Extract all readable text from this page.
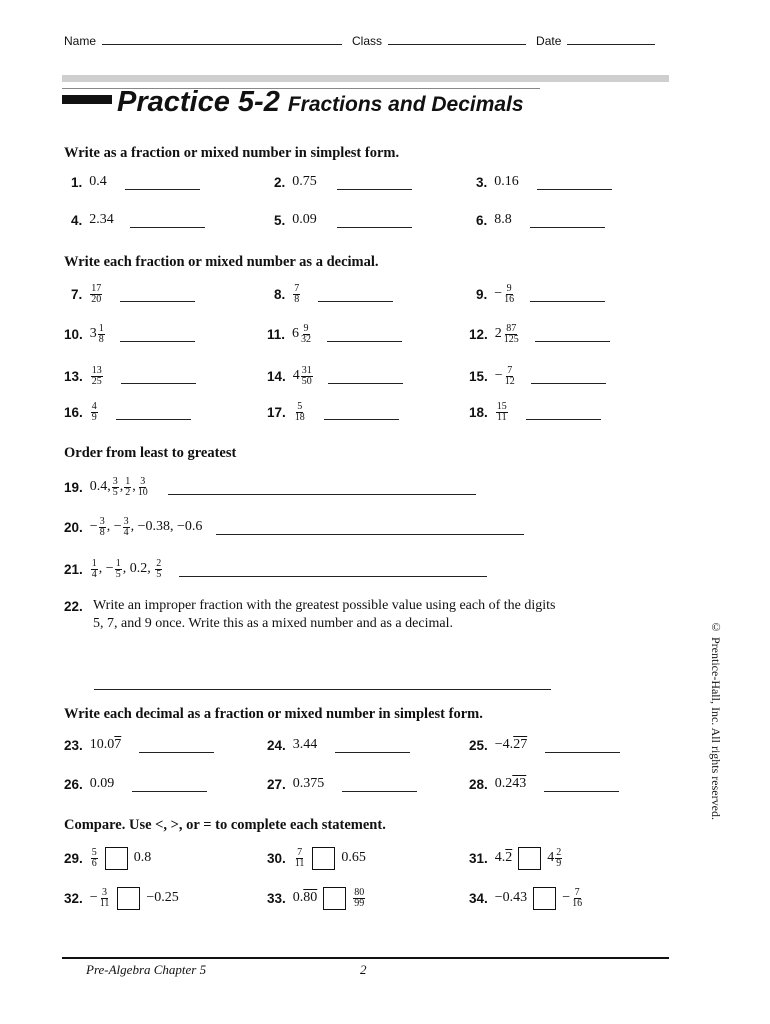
Name	Class	Date
Practice 5-2 Fractions and Decimals
Write as a fraction or mixed number in simplest form.
1. 0.4	2. 0.75	3. 0.16
4. 2.34	5. 0.09	6. 8.8
Write each fraction or mixed number as a decimal.
7. $\frac{17}{20}$	8. $\frac{7}{8}$	9. − $\frac{9}{16}$
10. $3 \frac{1}{8}$	11. $6 \frac{9}{32}$	12. $2 \frac{87}{125}$
13. $\frac{13}{25}$	14. $4 \frac{31}{50}$	15. − $\frac{7}{12}$
16. $\frac{4}{9}$	17. $\frac{5}{18}$	18. $\frac{15}{11}$
Order from least to greatest
19. 0.4, $\frac{3}{5}$ , $\frac{1}{2}$ , $\frac{3}{10}$
20. − $\frac{3}{8}$ , − $\frac{3}{4}$ , −0.38, −0.6
21. $\frac{1}{4}$ , − $\frac{1}{5}$ , 0.2,
$\frac{2}{5}$
22. Write an improper fraction with the greatest possible value using each of the digits 5, 7, and 9 once. Write this as a mixed number and as a decimal.
Write each decimal as a fraction or mixed number in simplest form.
23. 10.0 7	24. 3.44	25. −4. 27
26. 0.09	27. 0.375	28. 0.2 43
Compare. Use <, >, or = to complete each statement.
29. $\frac{5}{6}$	0.8	30. $\frac{7}{11}$	0.65	31. 4. 2	$4 \frac{2}{9}$
32. − $\frac{3}{11}$	−0.25	33. 0. 80	$\frac{80}{99}$	34. −0.43	− $\frac{7}{16}$
© Prentice-Hall, Inc. All rights reserved.
Pre-Algebra Chapter 5	2
